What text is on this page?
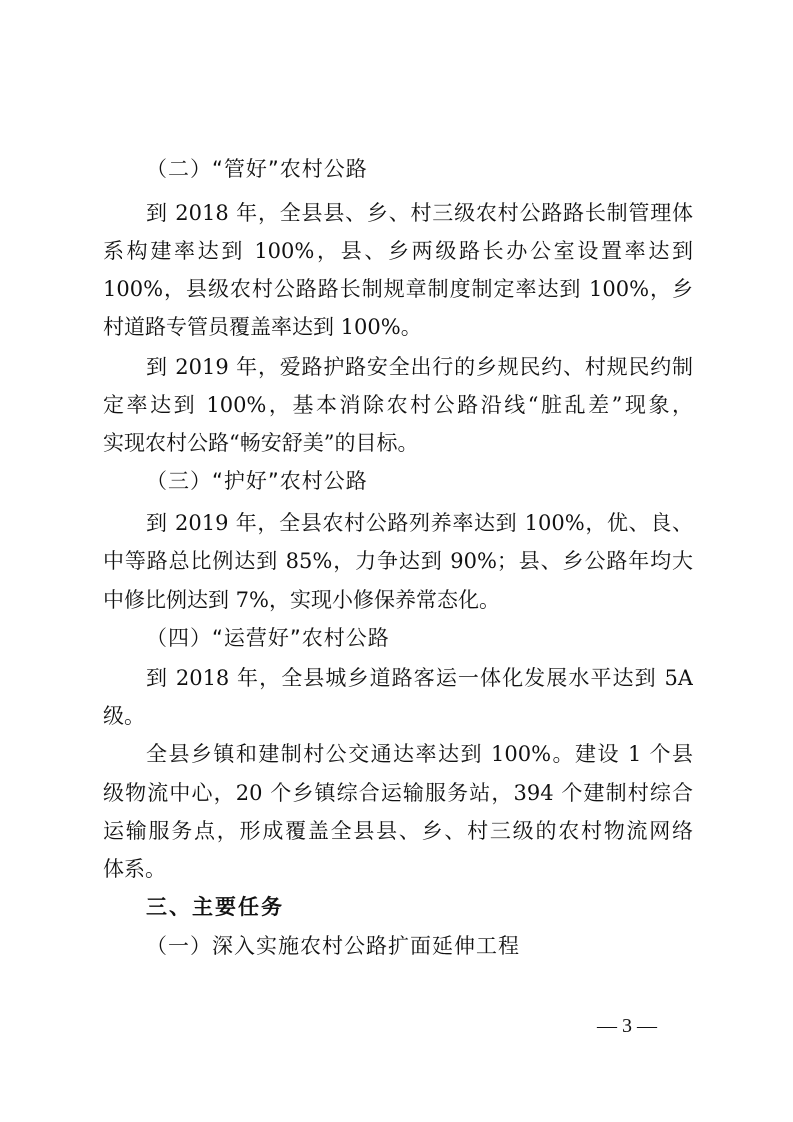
（二）“管好”农村公路
到 2018 年，全县县、乡、村三级农村公路路长制管理体
系构建率达到 100%，县、乡两级路长办公室设置率达到
100%，县级农村公路路长制规章制度制定率达到 100%，乡
村道路专管员覆盖率达到 100%。
到 2019 年，爱路护路安全出行的乡规民约、村规民约制
定率达到 100%，基本消除农村公路沿线“脏乱差”现象，
实现农村公路“畅安舒美”的目标。
（三）“护好”农村公路
到 2019 年，全县农村公路列养率达到 100%，优、良、
中等路总比例达到 85%，力争达到 90%；县、乡公路年均大
中修比例达到 7%，实现小修保养常态化。
（四）“运营好”农村公路
到 2018 年，全县城乡道路客运一体化发展水平达到 5A
级。
全县乡镇和建制村公交通达率达到 100%。建设 1 个县
级物流中心，20 个乡镇综合运输服务站，394 个建制村综合
运输服务点，形成覆盖全县县、乡、村三级的农村物流网络
体系。
三、主要任务
（一）深入实施农村公路扩面延伸工程
— 3 —
